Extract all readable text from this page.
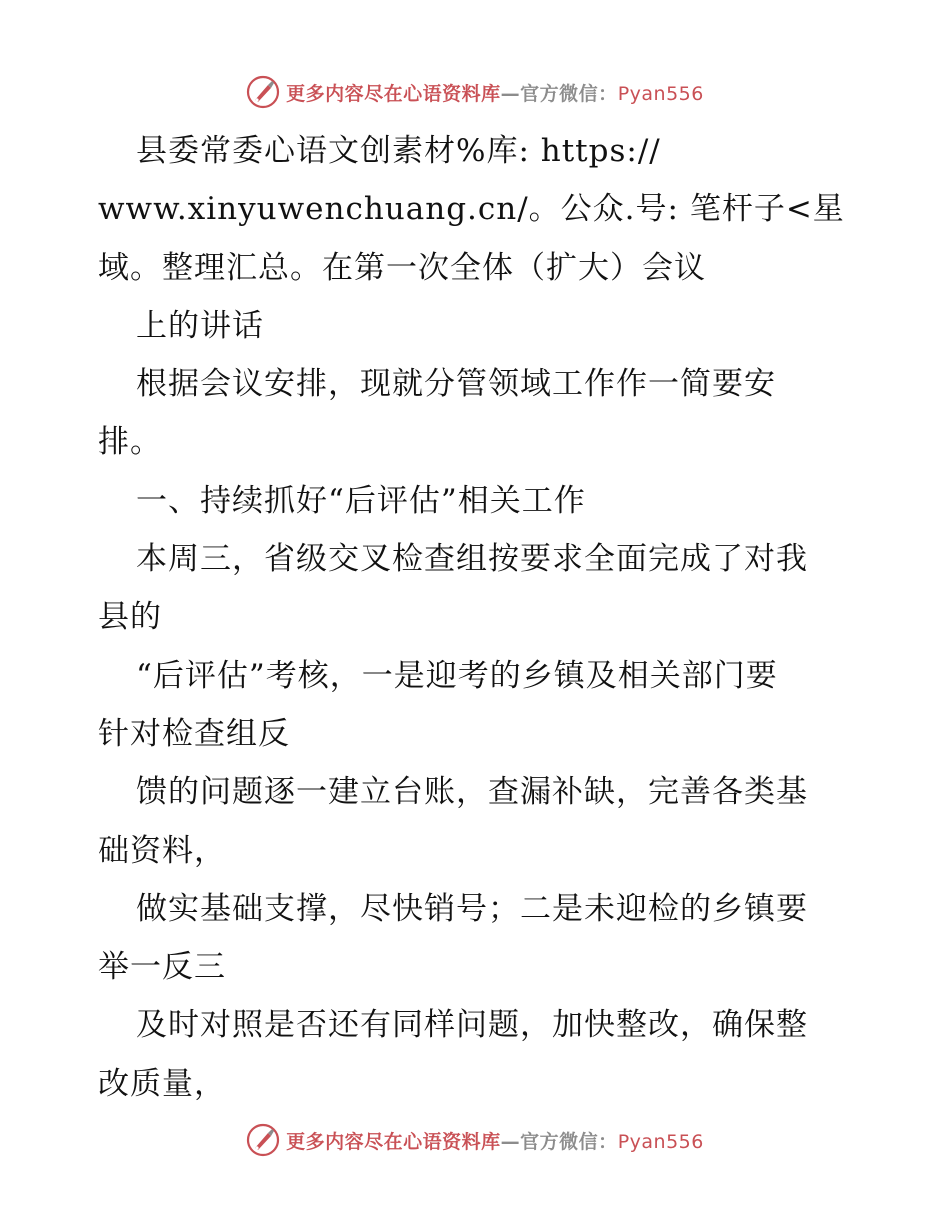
更多内容尽在心语资料库—官方微信：Pyan556
县委常委心语文创素材%库: https://
www.xinyuwenchuang.cn/。公众.号: 笔杆子<星
域。整理汇总。在第一次全体（扩大）会议
上的讲话
根据会议安排，现就分管领域工作作一简要安
排。
一、持续抓好“后评估”相关工作
本周三，省级交叉检查组按要求全面完成了对我
县的
“后评估”考核，一是迎考的乡镇及相关部门要
针对检查组反
馈的问题逐一建立台账，查漏补缺，完善各类基
础资料，
做实基础支撑，尽快销号；二是未迎检的乡镇要
举一反三
及时对照是否还有同样问题，加快整改，确保整
改质量，
更多内容尽在心语资料库—官方微信：Pyan556
